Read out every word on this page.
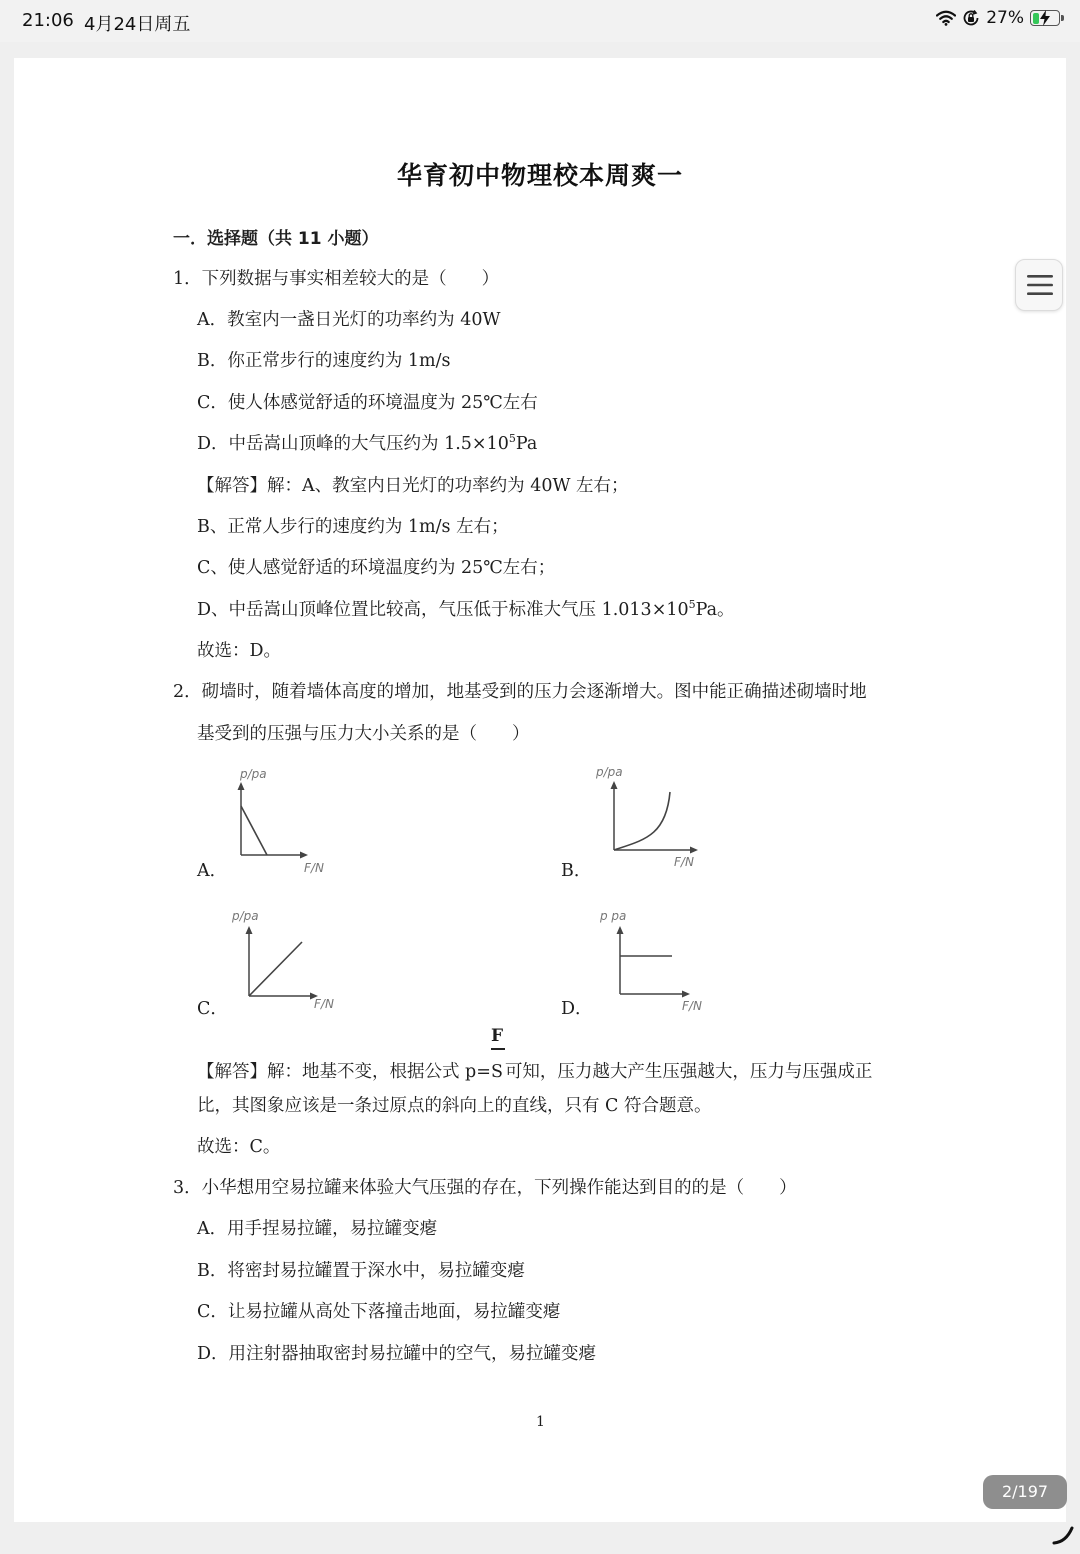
21:06 4月24日周五	27%
华育初中物理校本周爽一
一．选择题（共 11 小题）
1．下列数据与事实相差较大的是（　　）
A．教室内一盏日光灯的功率约为 40W
B．你正常步行的速度约为 1m/s
C．使人体感觉舒适的环境温度为 25℃左右
D．中岳嵩山顶峰的大气压约为 $1.5\times 10^5Pa$
【解答】解：A、教室内日光灯的功率约为 40W 左右；
B、正常人步行的速度约为 1m/s 左右；
C、使人感觉舒适的环境温度约为 25℃左右；
D、中岳嵩山顶峰位置比较高，气压低于标准大气压 $1.013\times 10^5Pa$。
故选：D。
2．砌墙时，随着墙体高度的增加，地基受到的压力会逐渐增大。图中能正确描述砌墙时地
基受到的压强与压力大小关系的是（　　）
A．
p/pa
F/N	B．
p/pa
F/N
C．
p/pa
F/N	D．
p pa
F/N
【解答】解：地基不变，根据公式 $p= \frac{F}{S}$可知，压力越大产生压强越大，压力与压强成正
比，其图象应该是一条过原点的斜向上的直线，只有 C 符合题意。
故选：C。
3．小华想用空易拉罐来体验大气压强的存在，下列操作能达到目的的是（　　）
A．用手捏易拉罐，易拉罐变瘪
B．将密封易拉罐置于深水中，易拉罐变瘪
C．让易拉罐从高处下落撞击地面，易拉罐变瘪
D．用注射器抽取密封易拉罐中的空气，易拉罐变瘪
1
2/197
